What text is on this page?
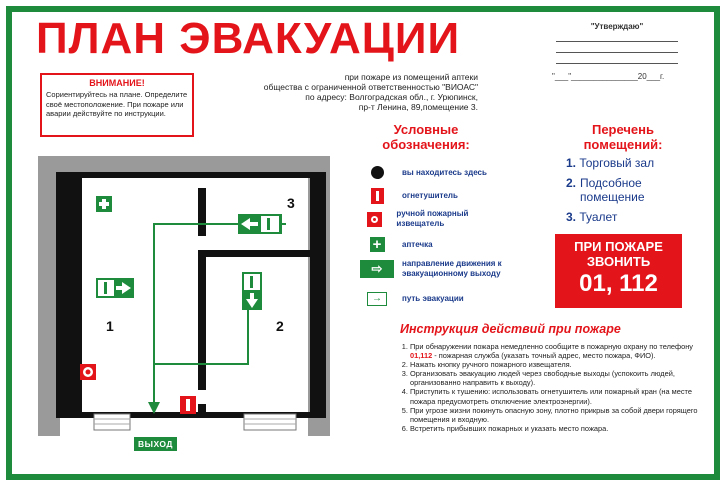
ПЛАН ЭВАКУАЦИИ	"Утверждаю"
"___"_______________20___г.
ВНИМАНИЕ!
Сориентируйтесь на плане. Определите своё местоположение. При пожаре или аварии действуйте по инструкции.
при пожаре из помещений аптеки
общества с ограниченной ответственностью "ВИОАС"
по адресу: Волгоградская обл., г. Урюпинск,
пр-т Ленина, 89,помещение 3.
1	2
3
ВЫХОД
Условные
обозначения:
вы находитесь здесь
огнетушитель
ручной пожарный извещатель
+	аптечка
⇨	направление движения к эвакуационному выходу
→	путь эвакуации
Перечень
помещений:
1. Торговый зал
2. Подсобное помещение
3. Туалет
ПРИ ПОЖАРЕ
ЗВОНИТЬ
01, 112
Инструкция действий при пожаре
1. При обнаружении пожара немедленно сообщите в пожарную охрану по телефону 01,112 - пожарная служба (указать точный адрес, место пожара, ФИО).
2. Нажать кнопку ручного пожарного извещателя.
3. Организовать эвакуацию людей через свободные выходы (успокоить людей, организованно направить к выходу).
4. Приступить к тушению: использовать огнетушитель или пожарный кран (на месте пожара предусмотреть отключение электроэнергии).
5. При угрозе жизни покинуть опасную зону, плотно прикрыв за собой двери горящего помещения и входную.
6. Встретить прибывших пожарных и указать место пожара.
